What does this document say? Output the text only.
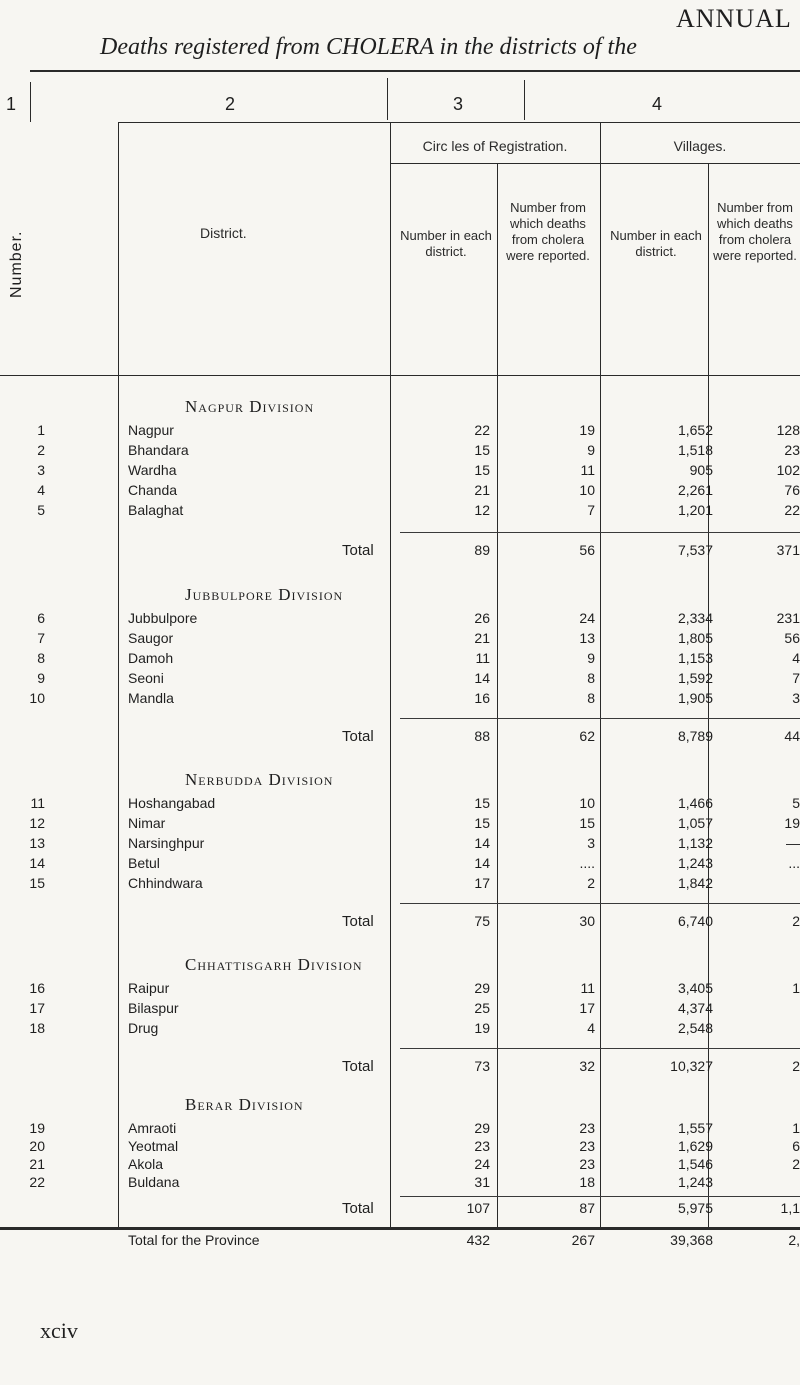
ANNUAL
Deaths registered from CHOLERA in the districts of the
1	2	3	4
Number.	District.
Circ les of Registration.	Villages.
Number in each district.
Number from which deaths from cholera were reported.
Number in each district.
Number from which deaths from cholera were reported.
Nagpur Division
1	Nagpur	22	19	1,652	128
2	Bhandara	15	9	1,518	23
3	Wardha	15	11	905	102
4	Chanda	21	10	2,261	76
5	Balaghat	12	7	1,201	22
Total	89	56	7,537	371
Jubbulpore Division
6	Jubbulpore	26	24	2,334	231
7	Saugor	21	13	1,805	56
8	Damoh	11	9	1,153	4
9	Seoni	14	8	1,592	7
10	Mandla	16	8	1,905	3
Total	88	62	8,789	44
Nerbudda Division
11	Hoshangabad	15	10	1,466	5
12	Nimar	15	15	1,057	19
13	Narsinghpur	14	3	1,132	—
14	Betul	14	....	1,243	...
15	Chhindwara	17	2	1,842
Total	75	30	6,740	2
Chhattisgarh Division
16	Raipur	29	11	3,405	1
17	Bilaspur	25	17	4,374
18	Drug	19	4	2,548
Total	73	32	10,327	2
Berar Division
19	Amraoti	29	23	1,557	1
20	Yeotmal	23	23	1,629	6
21	Akola	24	23	1,546	2
22	Buldana	31	18	1,243
Total	107	87	5,975	1,1
Total for the Province	432	267	39,368	2,
xciv
